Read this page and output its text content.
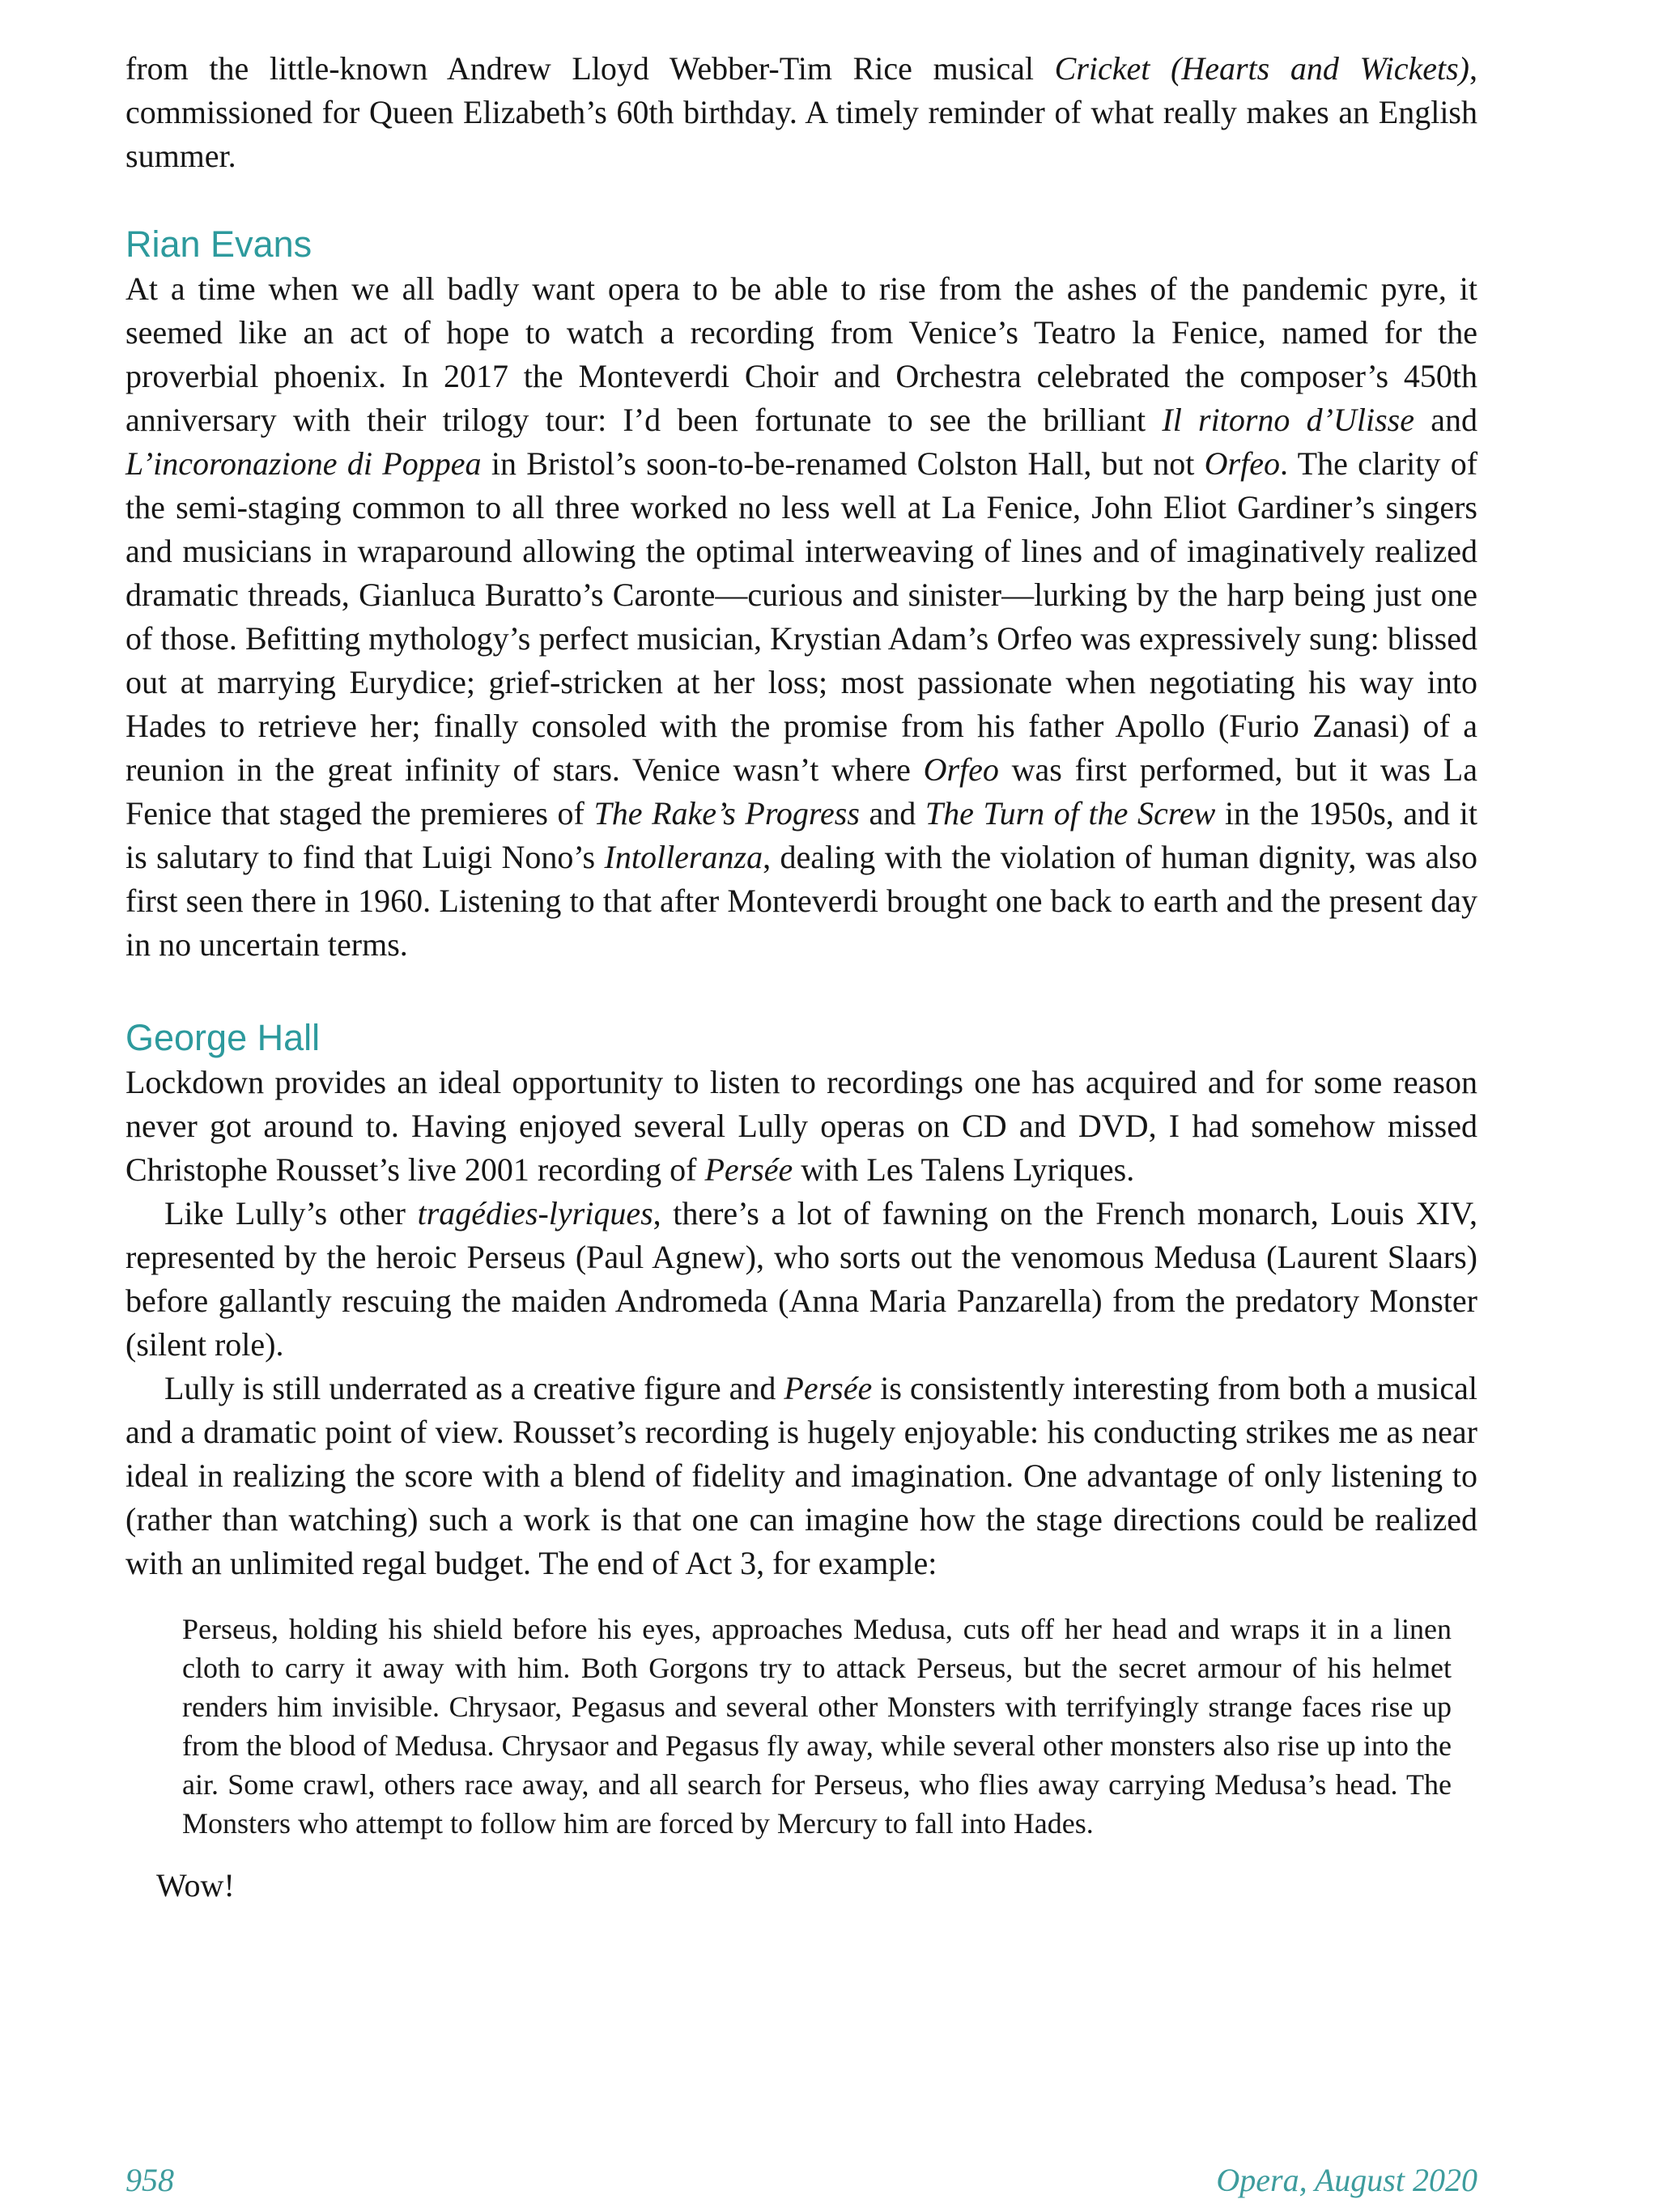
from the little-known Andrew Lloyd Webber-Tim Rice musical Cricket (Hearts and Wickets), commissioned for Queen Elizabeth’s 60th birthday. A timely reminder of what really makes an English summer.

Rian Evans

At a time when we all badly want opera to be able to rise from the ashes of the pandemic pyre, it seemed like an act of hope to watch a recording from Venice’s Teatro la Fenice, named for the proverbial phoenix. In 2017 the Monteverdi Choir and Orchestra celebrated the composer’s 450th anniversary with their trilogy tour: I’d been fortunate to see the brilliant Il ritorno d’Ulisse and L’incoronazione di Poppea in Bristol’s soon-to-be-renamed Colston Hall, but not Orfeo. The clarity of the semi-staging common to all three worked no less well at La Fenice, John Eliot Gardiner’s singers and musicians in wraparound allowing the optimal interweaving of lines and of imaginatively realized dramatic threads, Gianluca Buratto’s Caronte—curious and sinister—lurking by the harp being just one of those. Befitting mythology’s perfect musician, Krystian Adam’s Orfeo was expressively sung: blissed out at marrying Eurydice; grief-stricken at her loss; most passionate when negotiating his way into Hades to retrieve her; finally consoled with the promise from his father Apollo (Furio Zanasi) of a reunion in the great infinity of stars. Venice wasn’t where Orfeo was first performed, but it was La Fenice that staged the premieres of The Rake’s Progress and The Turn of the Screw in the 1950s, and it is salutary to find that Luigi Nono’s Intolleranza, dealing with the violation of human dignity, was also first seen there in 1960. Listening to that after Monteverdi brought one back to earth and the present day in no uncertain terms.

George Hall

Lockdown provides an ideal opportunity to listen to recordings one has acquired and for some reason never got around to. Having enjoyed several Lully operas on CD and DVD, I had somehow missed Christophe Rousset’s live 2001 recording of Persée with Les Talens Lyriques.

Like Lully’s other tragédies-lyriques, there’s a lot of fawning on the French monarch, Louis XIV, represented by the heroic Perseus (Paul Agnew), who sorts out the venomous Medusa (Laurent Slaars) before gallantly rescuing the maiden Andromeda (Anna Maria Panzarella) from the predatory Monster (silent role).

Lully is still underrated as a creative figure and Persée is consistently interesting from both a musical and a dramatic point of view. Rousset’s recording is hugely enjoyable: his conducting strikes me as near ideal in realizing the score with a blend of fidelity and imagination. One advantage of only listening to (rather than watching) such a work is that one can imagine how the stage directions could be realized with an unlimited regal budget. The end of Act 3, for example:

Perseus, holding his shield before his eyes, approaches Medusa, cuts off her head and wraps it in a linen cloth to carry it away with him. Both Gorgons try to attack Perseus, but the secret armour of his helmet renders him invisible. Chrysaor, Pegasus and several other Monsters with terrifyingly strange faces rise up from the blood of Medusa. Chrysaor and Pegasus fly away, while several other monsters also rise up into the air. Some crawl, others race away, and all search for Perseus, who flies away carrying Medusa’s head. The Monsters who attempt to follow him are forced by Mercury to fall into Hades.

Wow!

958	Opera, August 2020
